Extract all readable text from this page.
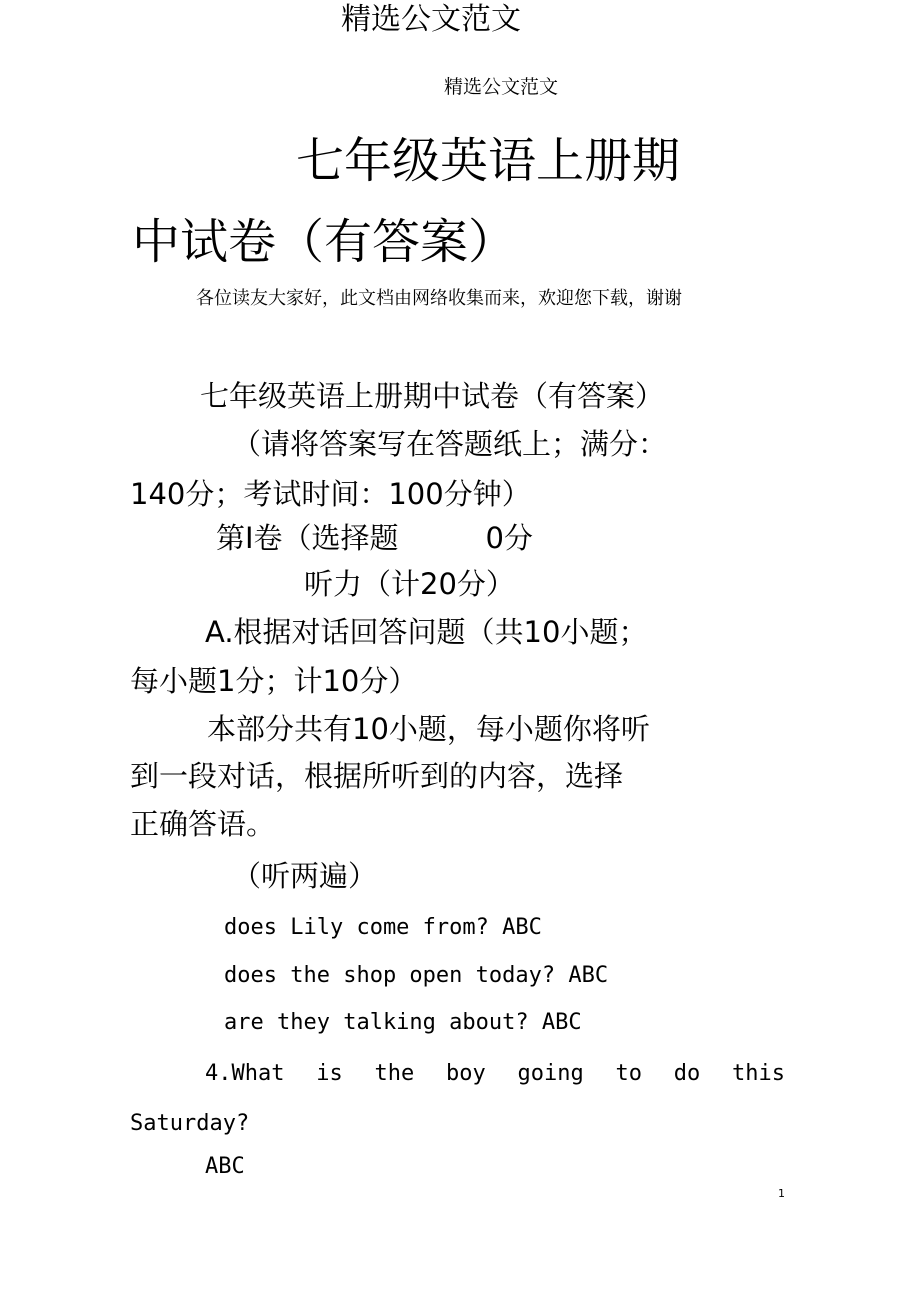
精选公文范文
精选公文范文
七年级英语上册期
中试卷（有答案）
各位读友大家好，此文档由网络收集而来，欢迎您下载，谢谢
七年级英语上册期中试卷（有答案）
（请将答案写在答题纸上；满分：
140分；考试时间：100分钟）
第Ⅰ卷（选择题　　　0分
听力（计20分）
A.根据对话回答问题（共10小题；
每小题1分；计10分）
本部分共有10小题，每小题你将听
到一段对话，根据所听到的内容，选择
正确答语。
（听两遍）
does Lily come from? ABC
does the shop open today? ABC
are they talking about? ABC
4.What is the boy going to do this
Saturday?
ABC
1
